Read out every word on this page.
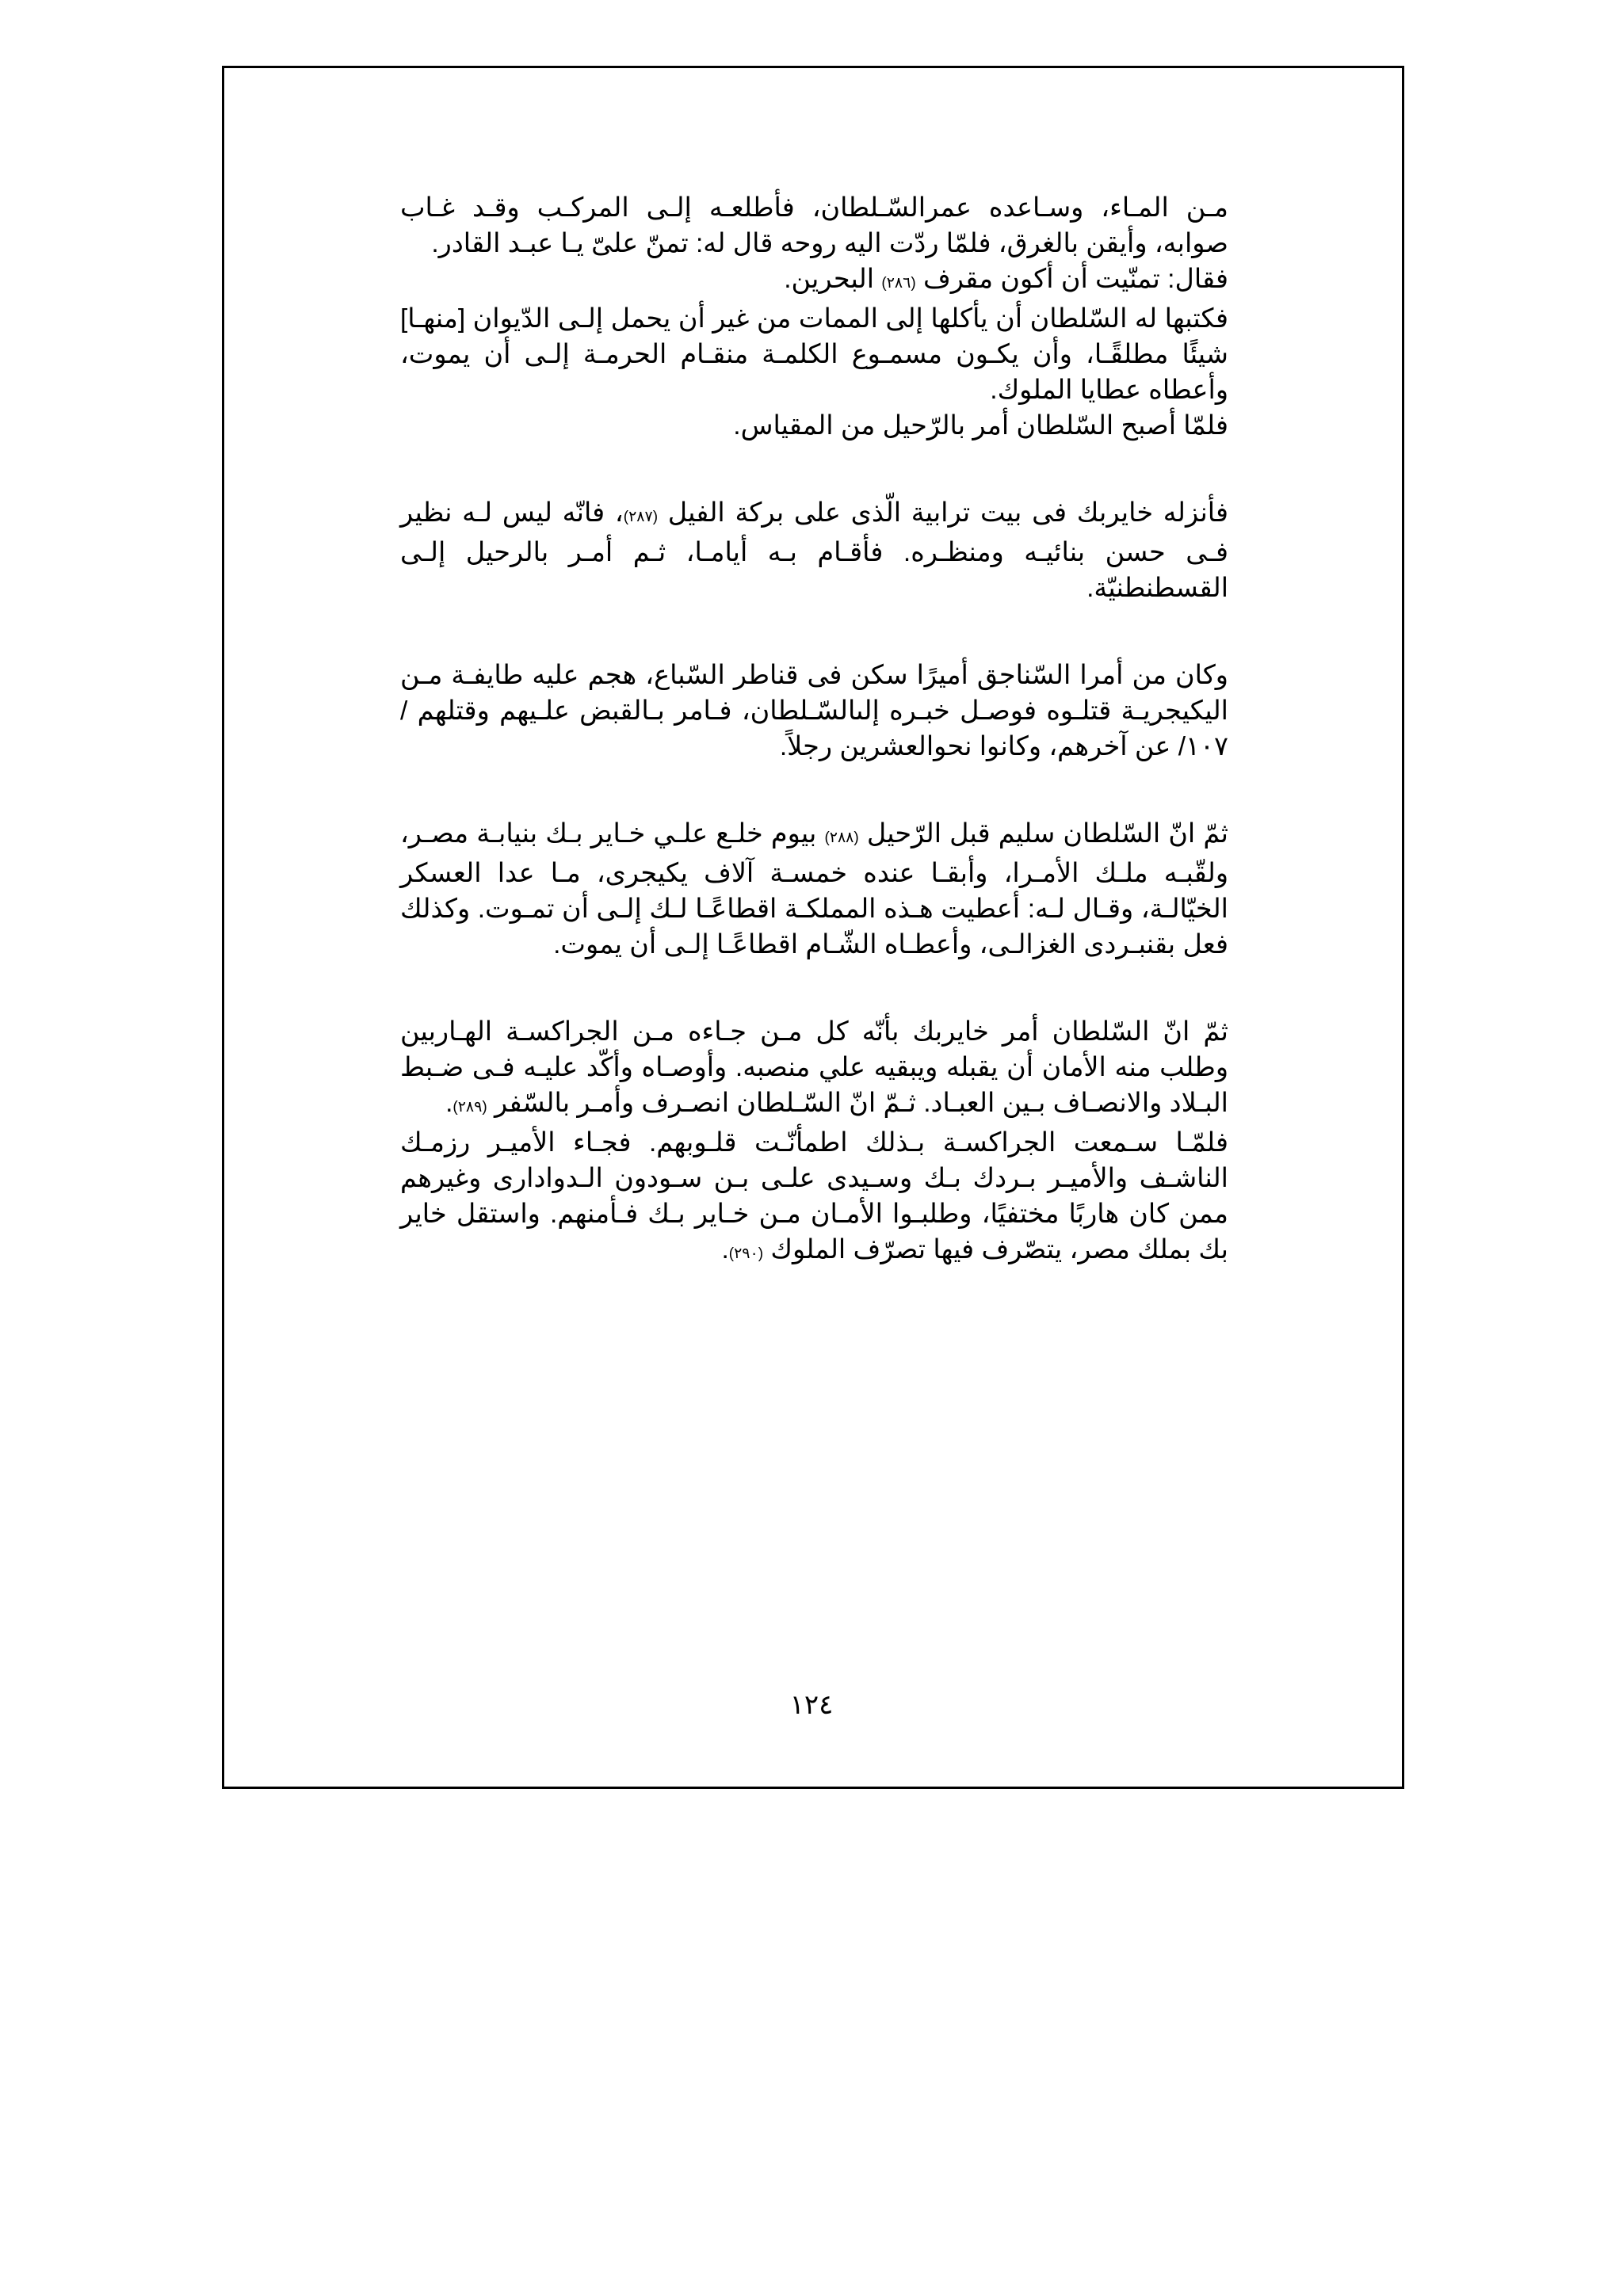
مـن المـاء، وسـاعده عمرالسّـلطان، فأطلعـه إلـى المركـب وقـد غـاب صوابه، وأيقن بالغرق، فلمّا ردّت اليه روحه قال له: تمنّ علىّ يـا عبـد القادر.

فقال: تمنّيت أن أكون مقرف (٢٨٦) البحرين.

فكتبها له السّلطان أن يأكلها إلى الممات من غير أن يحمل إلـى الدّيوان [منهـا] شيئًا مطلقًـا، وأن يكـون مسمـوع الكلمـة منقـام الحرمـة إلـى أن يموت، وأعطاه عطايا الملوك.

فلمّا أصبح السّلطان أمر بالرّحيل من المقياس.

فأنزله خايربك فى بيت ترابية الّذى على بركة الفيل (٢٨٧)، فانّه ليس لـه نظير فـى حسن بنائيـه ومنظـره. فأقـام بـه أيامـا، ثـم أمـر بالرحيل إلـى القسطنطنيّة.

وكان من أمرا السّناجق أميرًا سكن فى قناطر السّباع، هجم عليه طايفـة مـن اليكيجريـة قتلـوه فوصـل خبـره إلىالسّـلطان، فـامر بـالقبض علـيهم وقتلهم /١٠٧/ عن آخرهم، وكانوا نحوالعشرين رجلاً.

ثمّ انّ السّلطان سليم قبل الرّحيل (٢٨٨) بيوم خلـع علـي خـاير بـك بنيابـة مصـر، ولقّبـه ملـك الأمـرا، وأبقـا عنده خمسـة آلاف يكيجرى، مـا عدا العسكر الخيّالـة، وقـال لـه: أعطيت هـذه المملكـة اقطاعًـا لـك إلـى أن تمـوت. وكذلك فعل بقنبـردى الغزالـى، وأعطـاه الشّـام اقطاعًـا إلـى أن يموت.

ثمّ انّ السّلطان أمر خايربك بأنّه كل مـن جـاءه مـن الجراكسـة الهـاربين وطلب منه الأمان أن يقبله ويبقيه علي منصبه. وأوصـاه وأكّد عليـه فـى ضـبط البـلاد والانصـاف بـين العبـاد. ثـمّ انّ السّـلطان انصـرف وأمـر بالسّفر (٢٨٩).

فلمّـا سـمعت الجراكسـة بـذلك اطمأنّـت قلـوبهم. فجـاء الأميـر رزمـك الناشـف والأميـر بـردك بـك وسـيدى علـى بـن سـودون الـدوادارى وغيرهم ممن كان هاربًا مختفيًا، وطلبـوا الأمـان مـن خـاير بـك فـأمنهم. واستقل خاير بك بملك مصر، يتصّرف فيها تصرّف الملوك (٢٩٠).

١٢٤
